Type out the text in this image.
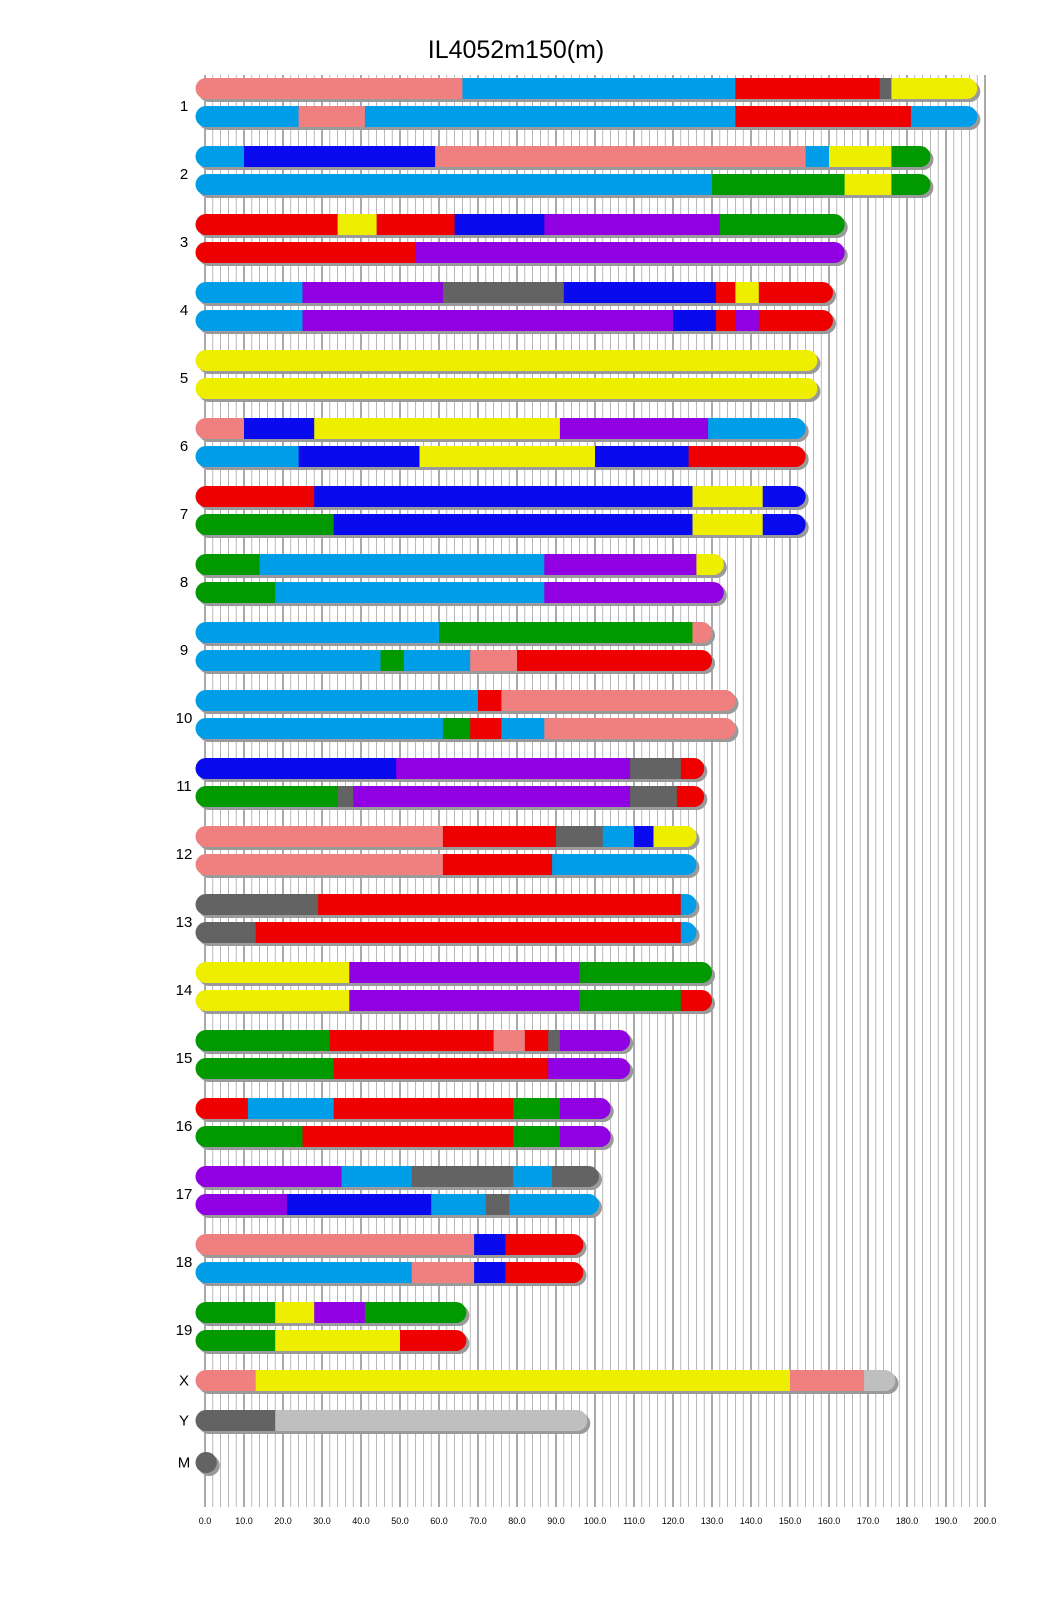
IL4052m150(m)
0.0	10.0 20.0 30.0 40.0 50.0 60.0 70.0 80.0 90.0 100.0 110.0 120.0 130.0 140.0 150.0 160.0 170.0 180.0 190.0 200.0
1
2
3
4
5
6
7
8
9
10
11
12
13
14
15
16
17
18
19
X
Y
M
